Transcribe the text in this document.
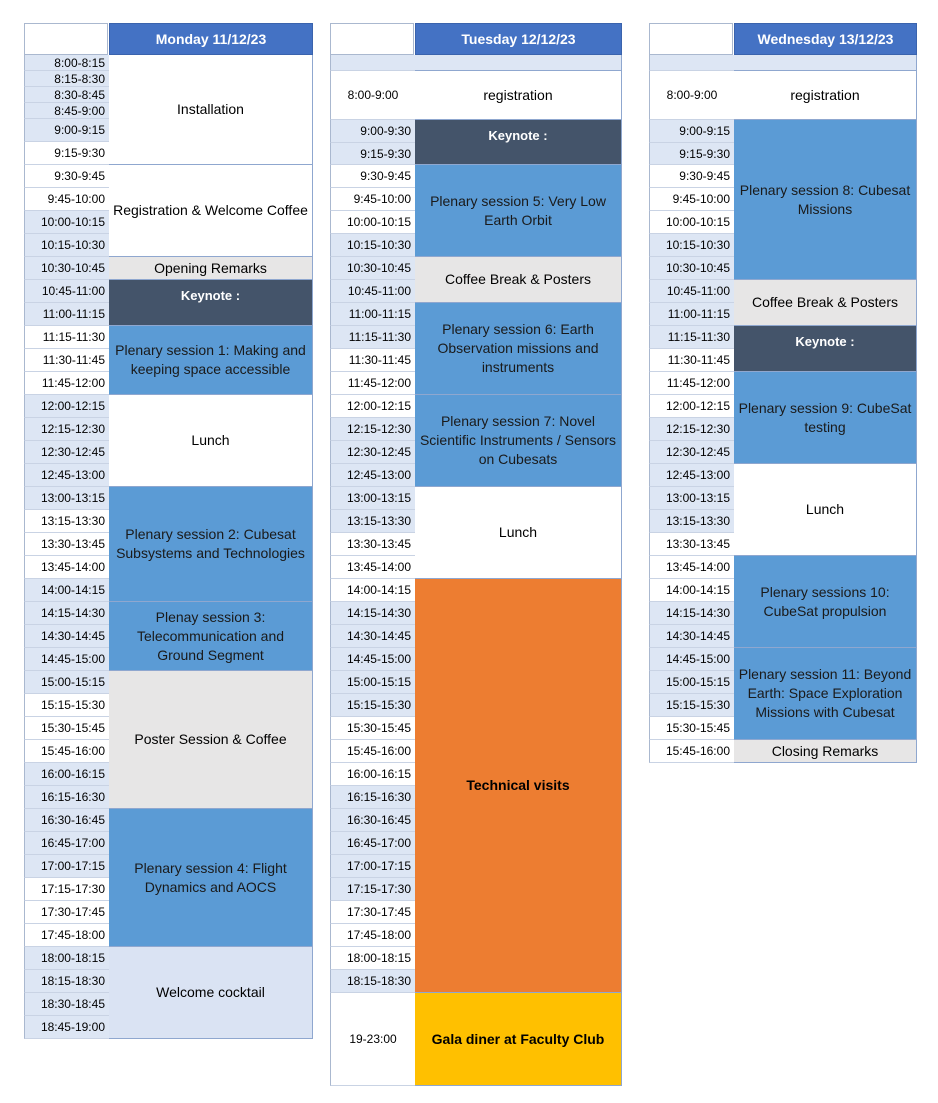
Monday 11/12/23
8:00-8:15
8:15-8:30
8:30-8:45
8:45-9:00
9:00-9:15
9:15-9:30
9:30-9:45
9:45-10:00
10:00-10:15
10:15-10:30
10:30-10:45
10:45-11:00
11:00-11:15
11:15-11:30
11:30-11:45
11:45-12:00
12:00-12:15
12:15-12:30
12:30-12:45
12:45-13:00
13:00-13:15
13:15-13:30
13:30-13:45
13:45-14:00
14:00-14:15
14:15-14:30
14:30-14:45
14:45-15:00
15:00-15:15
15:15-15:30
15:30-15:45
15:45-16:00
16:00-16:15
16:15-16:30
16:30-16:45
16:45-17:00
17:00-17:15
17:15-17:30
17:30-17:45
17:45-18:00
18:00-18:15
18:15-18:30
18:30-18:45
18:45-19:00
Installation
Registration & Welcome Coffee
Opening Remarks
Keynote :
Plenary session 1: Making and keeping space accessible
Lunch
Plenary session 2: Cubesat Subsystems and Technologies
Plenay session 3: Telecommunication and Ground Segment
Poster Session & Coffee
Plenary session 4: Flight Dynamics and AOCS
Welcome cocktail
Tuesday 12/12/23
8:00-9:00
9:00-9:30
9:15-9:30
9:30-9:45
9:45-10:00
10:00-10:15
10:15-10:30
10:30-10:45
10:45-11:00
11:00-11:15
11:15-11:30
11:30-11:45
11:45-12:00
12:00-12:15
12:15-12:30
12:30-12:45
12:45-13:00
13:00-13:15
13:15-13:30
13:30-13:45
13:45-14:00
14:00-14:15
14:15-14:30
14:30-14:45
14:45-15:00
15:00-15:15
15:15-15:30
15:30-15:45
15:45-16:00
16:00-16:15
16:15-16:30
16:30-16:45
16:45-17:00
17:00-17:15
17:15-17:30
17:30-17:45
17:45-18:00
18:00-18:15
18:15-18:30
19-23:00
registration
Keynote :
Plenary session 5: Very Low Earth Orbit
Coffee Break & Posters
Plenary session 6: Earth Observation missions and instruments
Plenary session 7: Novel Scientific Instruments / Sensors on Cubesats
Lunch
Technical visits
Gala diner at Faculty Club
Wednesday 13/12/23
8:00-9:00
9:00-9:15
9:15-9:30
9:30-9:45
9:45-10:00
10:00-10:15
10:15-10:30
10:30-10:45
10:45-11:00
11:00-11:15
11:15-11:30
11:30-11:45
11:45-12:00
12:00-12:15
12:15-12:30
12:30-12:45
12:45-13:00
13:00-13:15
13:15-13:30
13:30-13:45
13:45-14:00
14:00-14:15
14:15-14:30
14:30-14:45
14:45-15:00
15:00-15:15
15:15-15:30
15:30-15:45
15:45-16:00
registration
Plenary session 8: Cubesat Missions
Coffee Break & Posters
Keynote :
Plenary session 9: CubeSat testing
Lunch
Plenary sessions 10: CubeSat propulsion
Plenary session 11: Beyond Earth: Space Exploration Missions with Cubesat
Closing Remarks
